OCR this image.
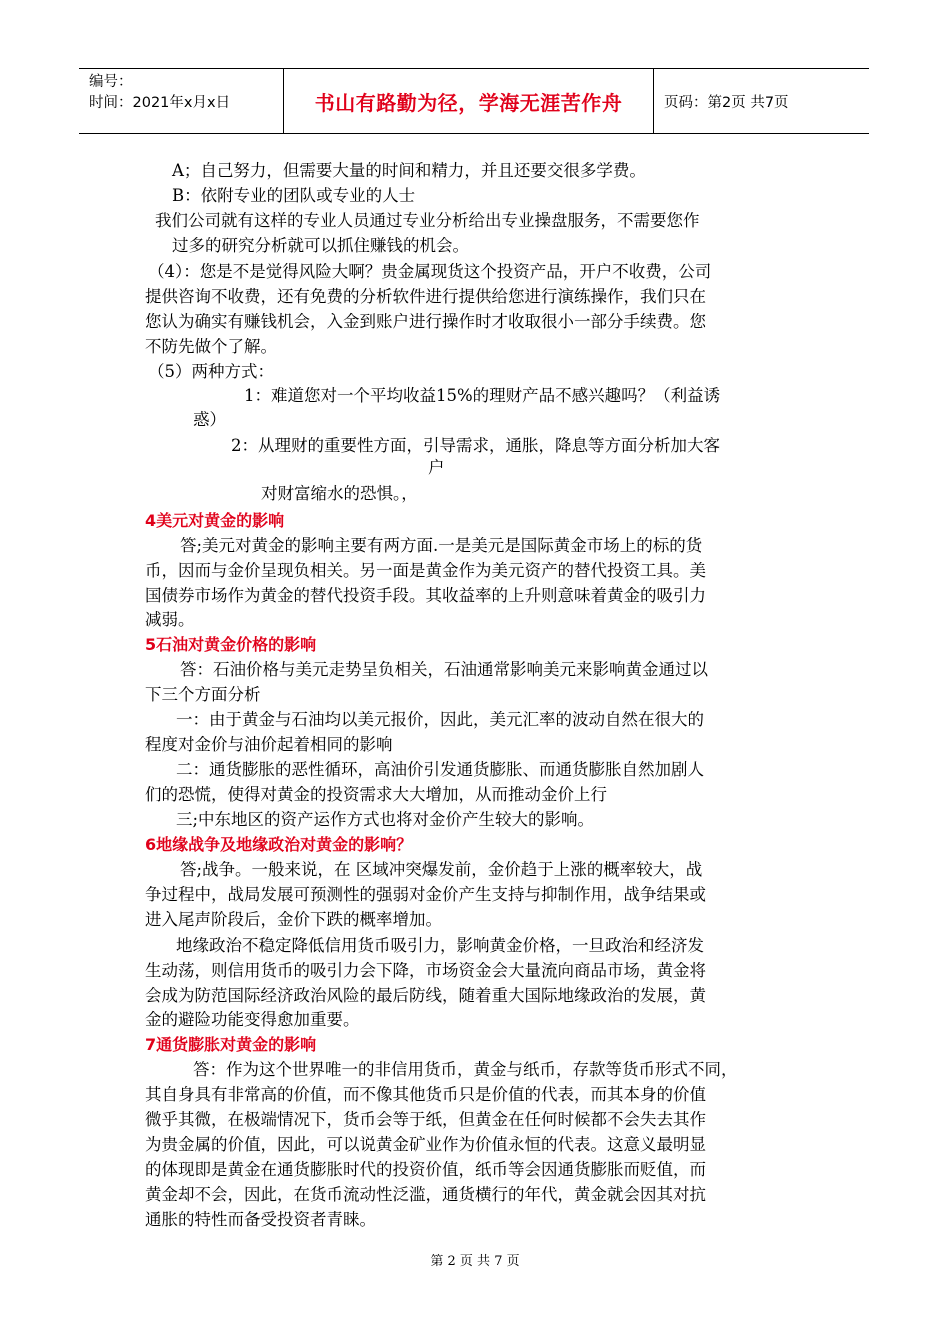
编号：
时间：2021年x月x日	书山有路勤为径，学海无涯苦作舟	页码：第2页 共7页
A；自己努力，但需要大量的时间和精力，并且还要交很多学费。
B：依附专业的团队或专业的人士
我们公司就有这样的专业人员通过专业分析给出专业操盘服务，不需要您作
过多的研究分析就可以抓住赚钱的机会。
（4）：您是不是觉得风险大啊？贵金属现货这个投资产品，开户不收费，公司
提供咨询不收费，还有免费的分析软件进行提供给您进行演练操作，我们只在
您认为确实有赚钱机会，入金到账户进行操作时才收取很小一部分手续费。您
不防先做个了解。
（5）两种方式：
1：难道您对一个平均收益15%的理财产品不感兴趣吗？（利益诱
惑）
2：从理财的重要性方面，引导需求，通胀，降息等方面分析加大客
户
对财富缩水的恐惧。，
4美元对黄金的影响
答;美元对黄金的影响主要有两方面.一是美元是国际黄金市场上的标的货
币，因而与金价呈现负相关。另一面是黄金作为美元资产的替代投资工具。美
国债券市场作为黄金的替代投资手段。其收益率的上升则意味着黄金的吸引力
减弱。
5石油对黄金价格的影响
答：石油价格与美元走势呈负相关，石油通常影响美元来影响黄金通过以
下三个方面分析
一：由于黄金与石油均以美元报价，因此，美元汇率的波动自然在很大的
程度对金价与油价起着相同的影响
二：通货膨胀的恶性循环，高油价引发通货膨胀、而通货膨胀自然加剧人
们的恐慌，使得对黄金的投资需求大大增加，从而推动金价上行
三;中东地区的资产运作方式也将对金价产生较大的影响。
6地缘战争及地缘政治对黄金的影响？
答;战争。一般来说，在 区域冲突爆发前，金价趋于上涨的概率较大，战
争过程中，战局发展可预测性的强弱对金价产生支持与抑制作用，战争结果或
进入尾声阶段后，金价下跌的概率增加。
地缘政治不稳定降低信用货币吸引力，影响黄金价格，一旦政治和经济发
生动荡，则信用货币的吸引力会下降，市场资金会大量流向商品市场，黄金将
会成为防范国际经济政治风险的最后防线，随着重大国际地缘政治的发展，黄
金的避险功能变得愈加重要。
7通货膨胀对黄金的影响
答：作为这个世界唯一的非信用货币，黄金与纸币，存款等货币形式不同，
其自身具有非常高的价值，而不像其他货币只是价值的代表，而其本身的价值
微乎其微，在极端情况下，货币会等于纸，但黄金在任何时候都不会失去其作
为贵金属的价值，因此，可以说黄金矿业作为价值永恒的代表。这意义最明显
的体现即是黄金在通货膨胀时代的投资价值，纸币等会因通货膨胀而贬值，而
黄金却不会，因此，在货币流动性泛滥，通货横行的年代，黄金就会因其对抗
通胀的特性而备受投资者青睐。
第 2 页 共 7 页
